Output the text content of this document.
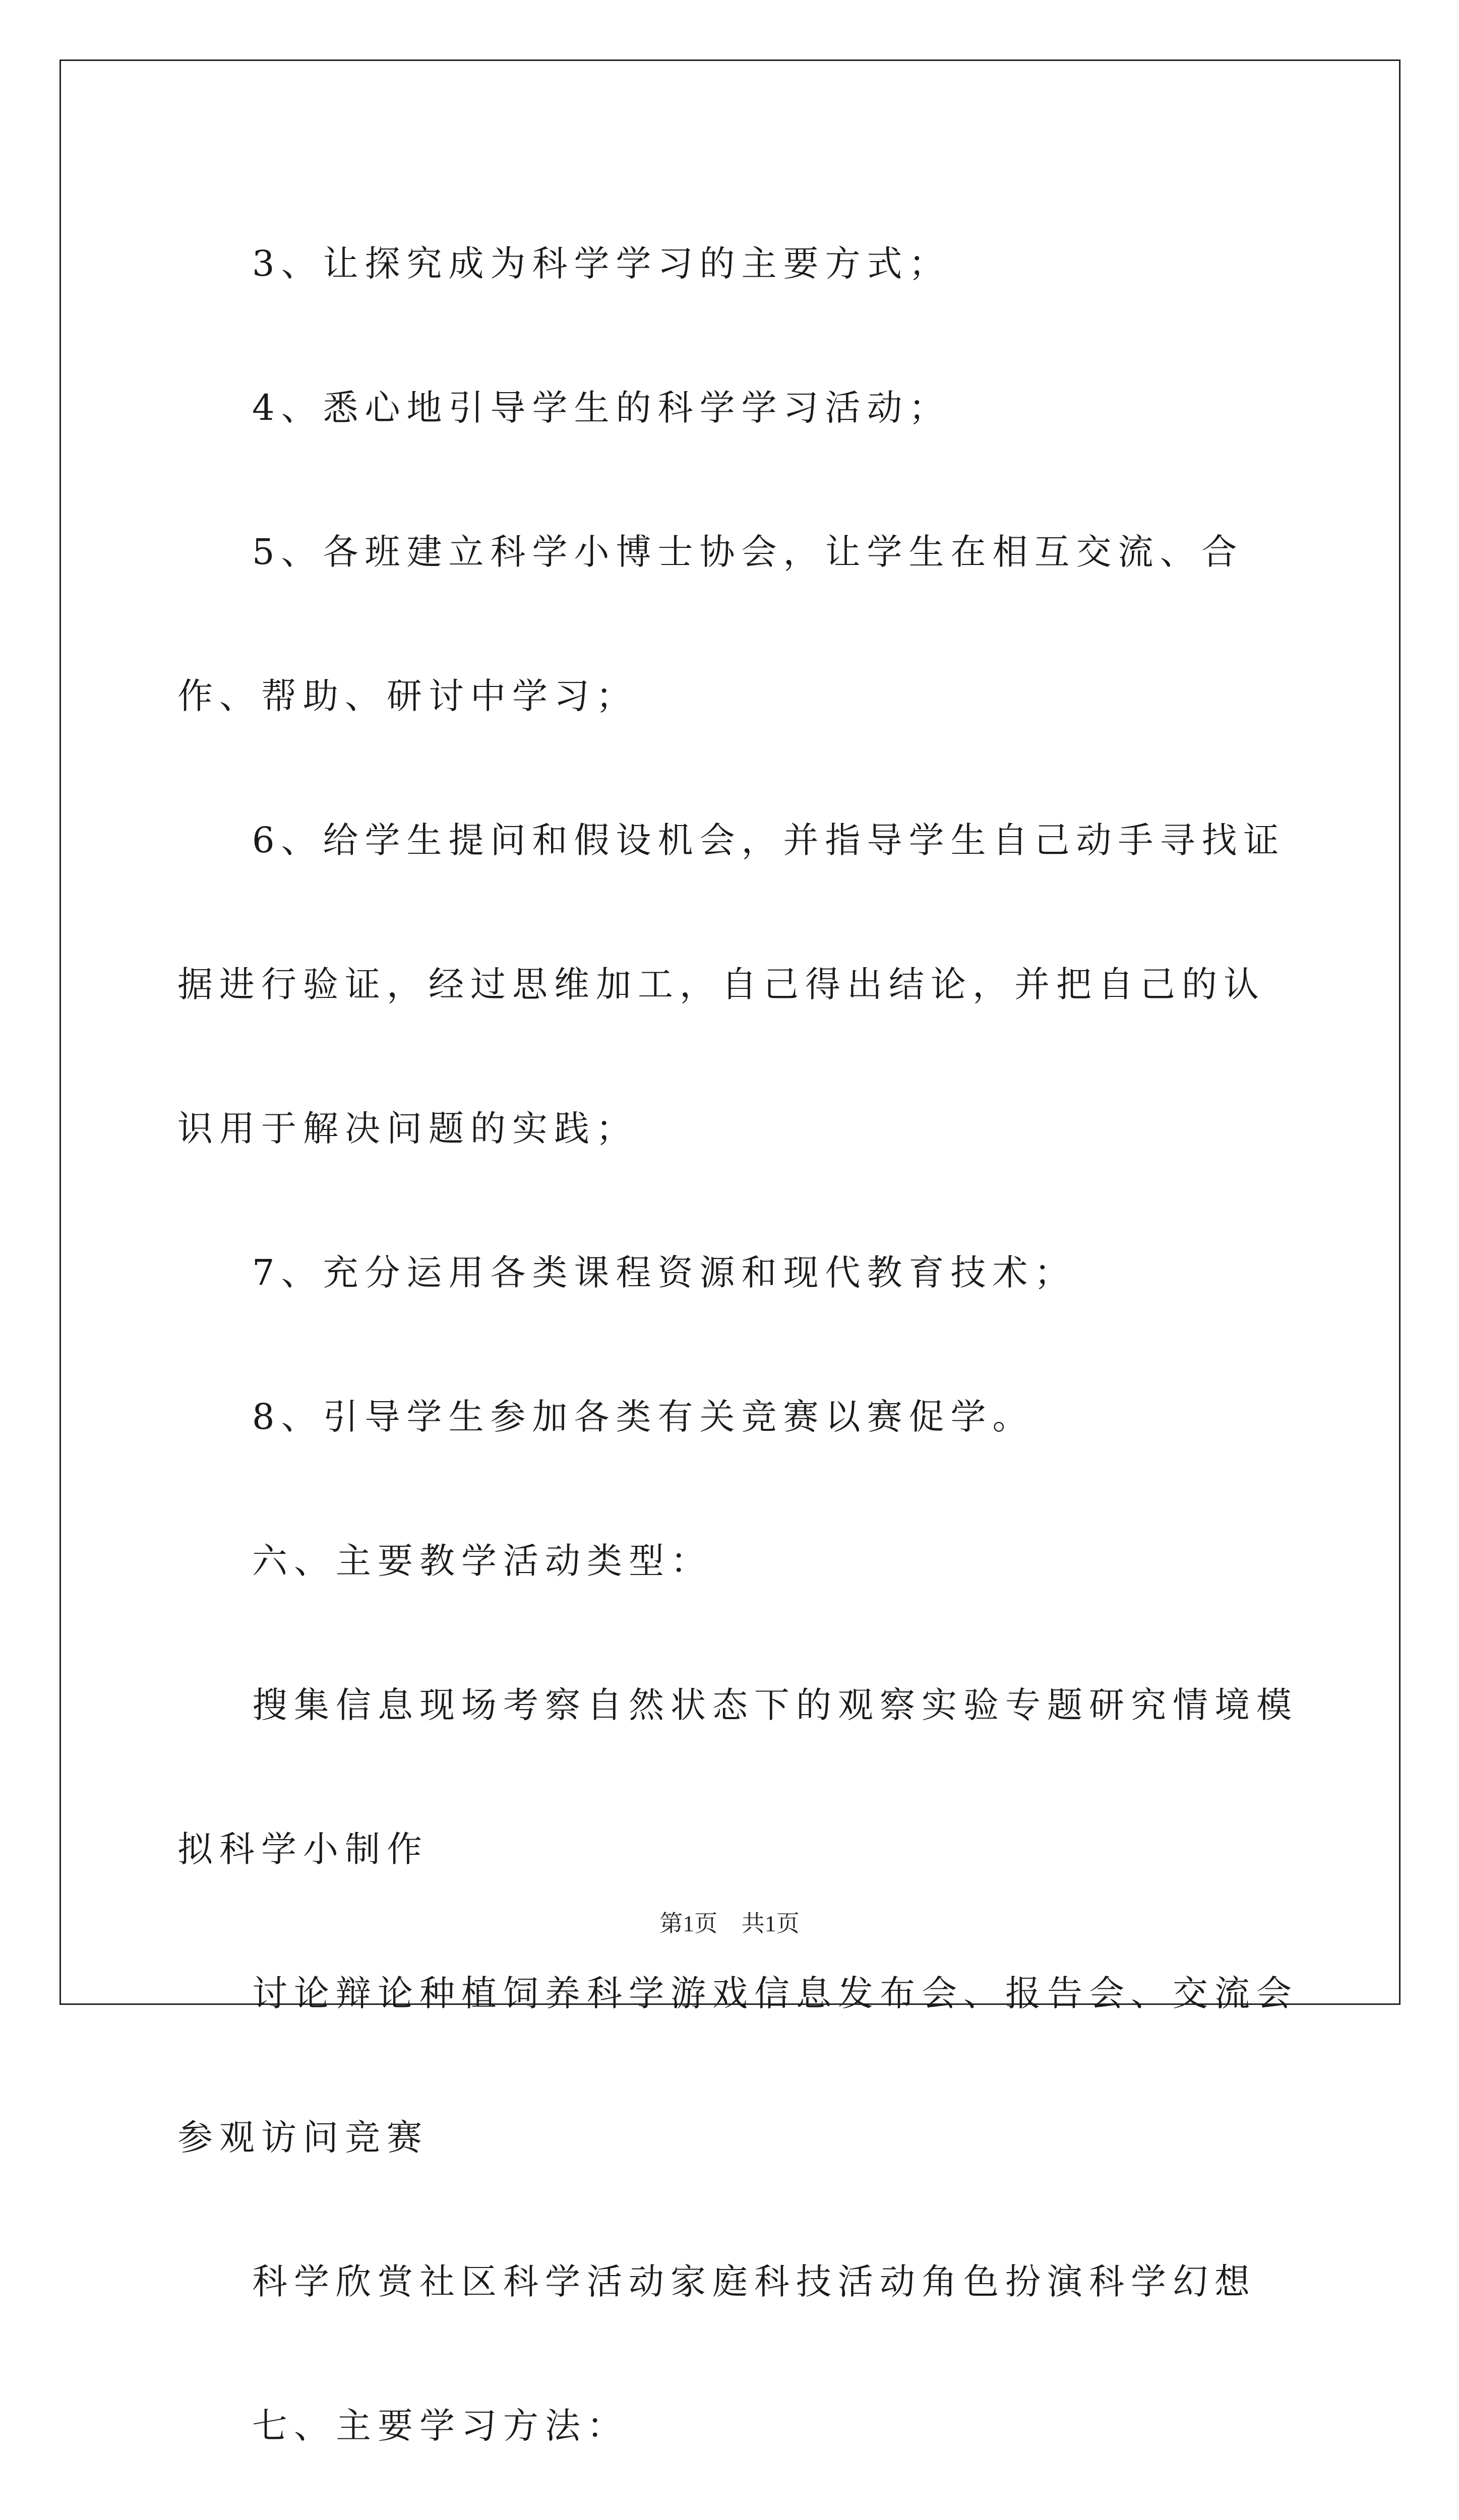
3、让探究成为科学学习的主要方式；

4、悉心地引导学生的科学学习活动；

5、各班建立科学小博士协会，让学生在相互交流、合作、帮助、研讨中学习；

6、给学生提问和假设机会，并指导学生自己动手寻找证据进行验证，经过思维加工，自己得出结论，并把自己的认识用于解决问题的实践；

7、充分运用各类课程资源和现代教育技术；

8、引导学生参加各类有关竞赛以赛促学。

六、主要教学活动类型：

搜集信息现场考察自然状态下的观察实验专题研究情境模拟科学小制作

讨论辩论种植饲养科学游戏信息发布会、报告会、交流会参观访问竞赛

科学欣赏社区科学活动家庭科技活动角色扮演科学幻想

七、主要学习方法：

第1页 共1页
